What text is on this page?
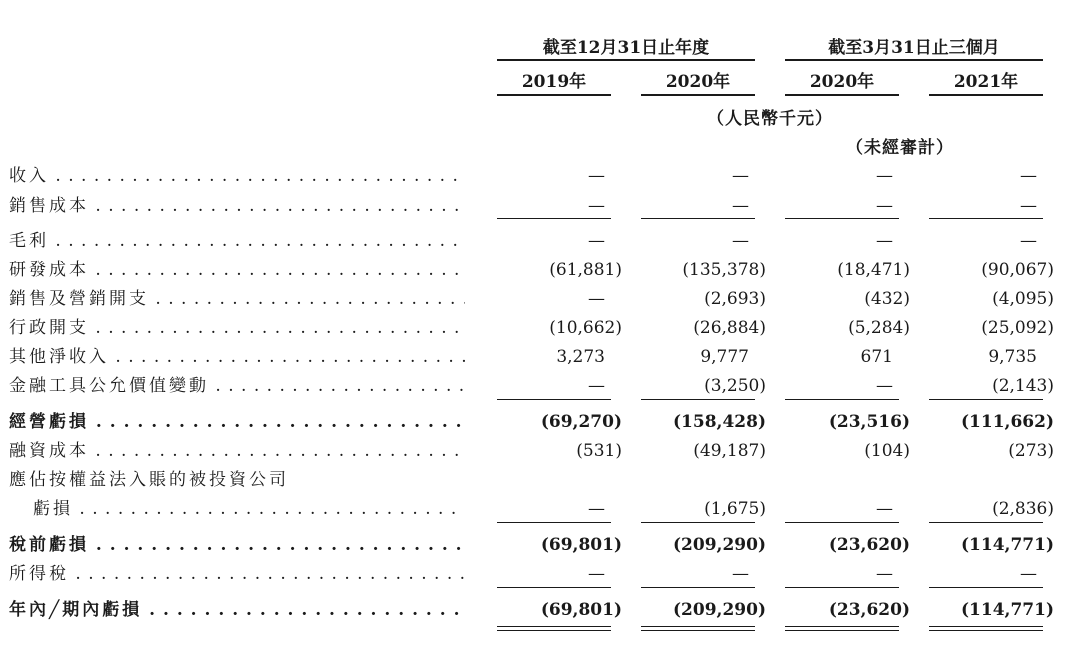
截至12月31日止年度	截至3月31日止三個月
2019年	2020年	2020年	2021年
（人民幣千元）
（未經審計）
收入 . . .	—	—	—	—
銷售成本 . . .	—	—	—	—
毛利 . . .	—	—	—	—
研發成本 . . .	(61,881)	(135,378)	(18,471)	(90,067)
銷售及營銷開支 . . .	—	(2,693)	(432)	(4,095)
行政開支 . . .	(10,662)	(26,884)	(5,284)	(25,092)
其他淨收入 . . .	3,273	9,777	671	9,735
金融工具公允價值變動 . . .	—	(3,250)	—	(2,143)
經營虧損 . . .	(69,270)	(158,428)	(23,516)	(111,662)
融資成本 . . .	(531)	(49,187)	(104)	(273)
應佔按權益法入賬的被投資公司
虧損 . . .	—	(1,675)	—	(2,836)
稅前虧損 . . .	(69,801)	(209,290)	(23,620)	(114,771)
所得稅 . . .	—	—	—	—
年內╱期內虧損 . . .	(69,801)	(209,290)	(23,620)	(114,771)
